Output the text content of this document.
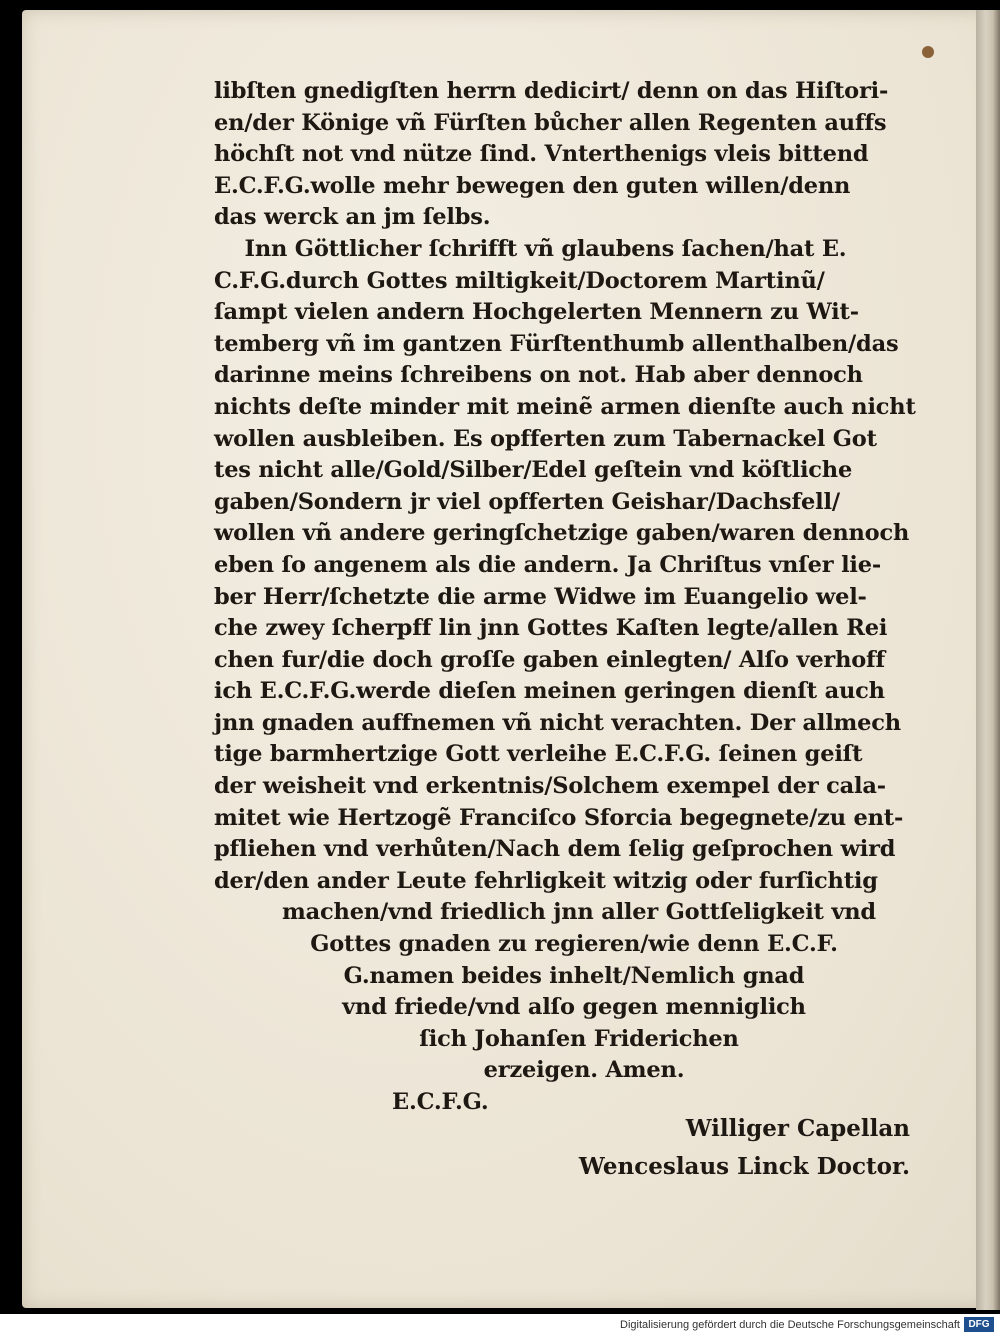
libſten gnedigſten herrn dedicirt/ denn on das Hiſtori-
en/der Könige vñ Fürſten bůcher allen Regenten auffs
höchſt not vnd nütze ſind. Vnterthenigs vleis bittend
E.C.F.G.wolle mehr bewegen den guten willen/denn
das werck an jm ſelbs.
Inn Göttlicher ſchrifft vñ glaubens ſachen/hat E.
C.F.G.durch Gottes miltigkeit/Doctorem Martinũ/
ſampt vielen andern Hochgelerten Mennern zu Wit-
temberg vñ im gantzen Fürſtenthumb allenthalben/das
darinne meins ſchreibens on not. Hab aber dennoch
nichts deſte minder mit meinẽ armen dienſte auch nicht
wollen ausbleiben. Es opfferten zum Tabernackel Got
tes nicht alle/Gold/Silber/Edel geſtein vnd köſtliche
gaben/Sondern jr viel opfferten Geishar/Dachsfell/
wollen vñ andere geringſchetzige gaben/waren dennoch
eben ſo angenem als die andern. Ja Chriſtus vnſer lie-
ber Herr/ſchetzte die arme Widwe im Euangelio wel-
che zwey ſcherpff lin jnn Gottes Kaſten legte/allen Rei
chen fur/die doch groſſe gaben einlegten/ Alſo verhoff
ich E.C.F.G.werde dieſen meinen geringen dienſt auch
jnn gnaden auffnemen vñ nicht verachten. Der allmech
tige barmhertzige Gott verleihe E.C.F.G. ſeinen geiſt
der weisheit vnd erkentnis/Solchem exempel der cala-
mitet wie Hertzogẽ Franciſco Sforcia begegnete/zu ent-
pfliehen vnd verhůten/Nach dem ſelig geſprochen wird
der/den ander Leute fehrligkeit witzig oder furſichtig
machen/vnd friedlich jnn aller Gottſeligkeit vnd
Gottes gnaden zu regieren/wie denn E.C.F.
G.namen beides inhelt/Nemlich gnad
vnd friede/vnd alſo gegen menniglich
ſich Johanſen Friderichen
erzeigen. Amen.
E.C.F.G.
Williger Capellan
Wenceslaus Linck Doctor.
Digitalisierung gefördert durch die Deutsche Forschungsgemeinschaft DFG
